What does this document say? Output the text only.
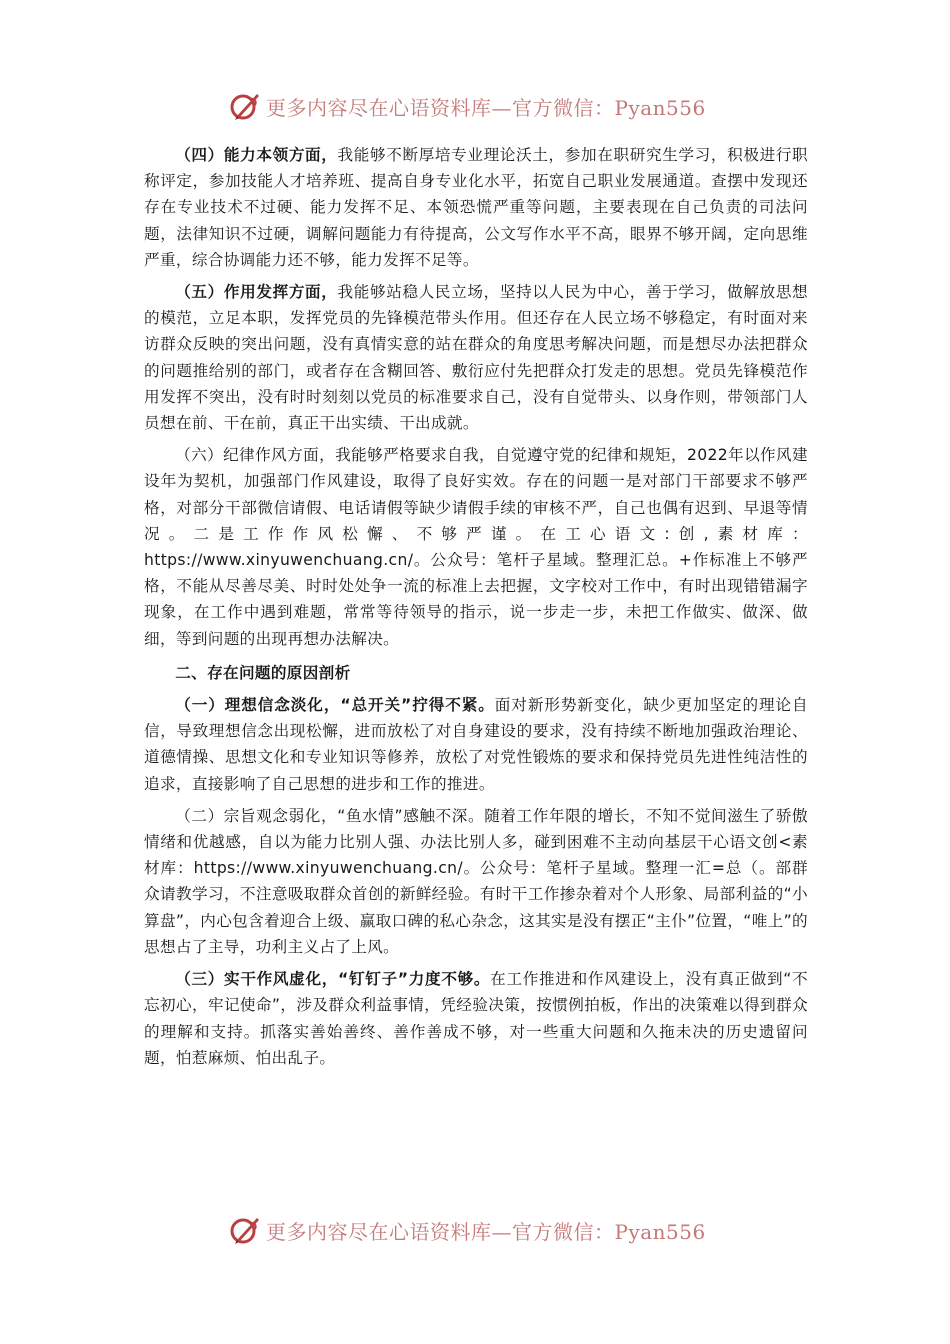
更多内容尽在心语资料库—官方微信：Pyan556

（四）能力本领方面，我能够不断厚培专业理论沃土，参加在职研究生学习，积极进行职称评定，参加技能人才培养班、提高自身专业化水平，拓宽自己职业发展通道。查摆中发现还存在专业技术不过硬、能力发挥不足、本领恐慌严重等问题，主要表现在自己负责的司法问题，法律知识不过硬，调解问题能力有待提高，公文写作水平不高，眼界不够开阔，定向思维严重，综合协调能力还不够，能力发挥不足等。

（五）作用发挥方面，我能够站稳人民立场，坚持以人民为中心，善于学习，做解放思想的模范，立足本职，发挥党员的先锋模范带头作用。但还存在人民立场不够稳定，有时面对来访群众反映的突出问题，没有真情实意的站在群众的角度思考解决问题，而是想尽办法把群众的问题推给别的部门，或者存在含糊回答、敷衍应付先把群众打发走的思想。党员先锋模范作用发挥不突出，没有时时刻刻以党员的标准要求自己，没有自觉带头、以身作则，带领部门人员想在前、干在前，真正干出实绩、干出成就。

（六）纪律作风方面，我能够严格要求自我，自觉遵守党的纪律和规矩，2022年以作风建设年为契机，加强部门作风建设，取得了良好实效。存在的问题一是对部门干部要求不够严格，对部分干部微信请假、电话请假等缺少请假手续的审核不严，自己也偶有迟到、早退等情况。二是工作作风松懈、不够严谨。在工心语文:创,素材库：https://www.xinyuwenchuang.cn/。公众号：笔杆子星域。整理汇总。+作标准上不够严格，不能从尽善尽美、时时处处争一流的标准上去把握，文字校对工作中，有时出现错错漏字现象，在工作中遇到难题，常常等待领导的指示，说一步走一步，未把工作做实、做深、做细，等到问题的出现再想办法解决。

二、存在问题的原因剖析

（一）理想信念淡化，“总开关”拧得不紧。面对新形势新变化，缺少更加坚定的理论自信，导致理想信念出现松懈，进而放松了对自身建设的要求，没有持续不断地加强政治理论、道德情操、思想文化和专业知识等修养，放松了对党性锻炼的要求和保持党员先进性纯洁性的追求，直接影响了自己思想的进步和工作的推进。

（二）宗旨观念弱化，“鱼水情”感触不深。随着工作年限的增长，不知不觉间滋生了骄傲情绪和优越感，自以为能力比别人强、办法比别人多，碰到困难不主动向基层干心语文创<素材库：https://www.xinyuwenchuang.cn/。公众号：笔杆子星域。整理一汇=总（。部群众请教学习，不注意吸取群众首创的新鲜经验。有时干工作掺杂着对个人形象、局部利益的“小算盘”，内心包含着迎合上级、赢取口碑的私心杂念，这其实是没有摆正“主仆”位置，“唯上”的思想占了主导，功利主义占了上风。

（三）实干作风虚化，“钉钉子”力度不够。在工作推进和作风建设上，没有真正做到“不忘初心，牢记使命”，涉及群众利益事情，凭经验决策，按惯例拍板，作出的决策难以得到群众的理解和支持。抓落实善始善终、善作善成不够，对一些重大问题和久拖未决的历史遗留问题，怕惹麻烦、怕出乱子。

更多内容尽在心语资料库—官方微信：Pyan556
